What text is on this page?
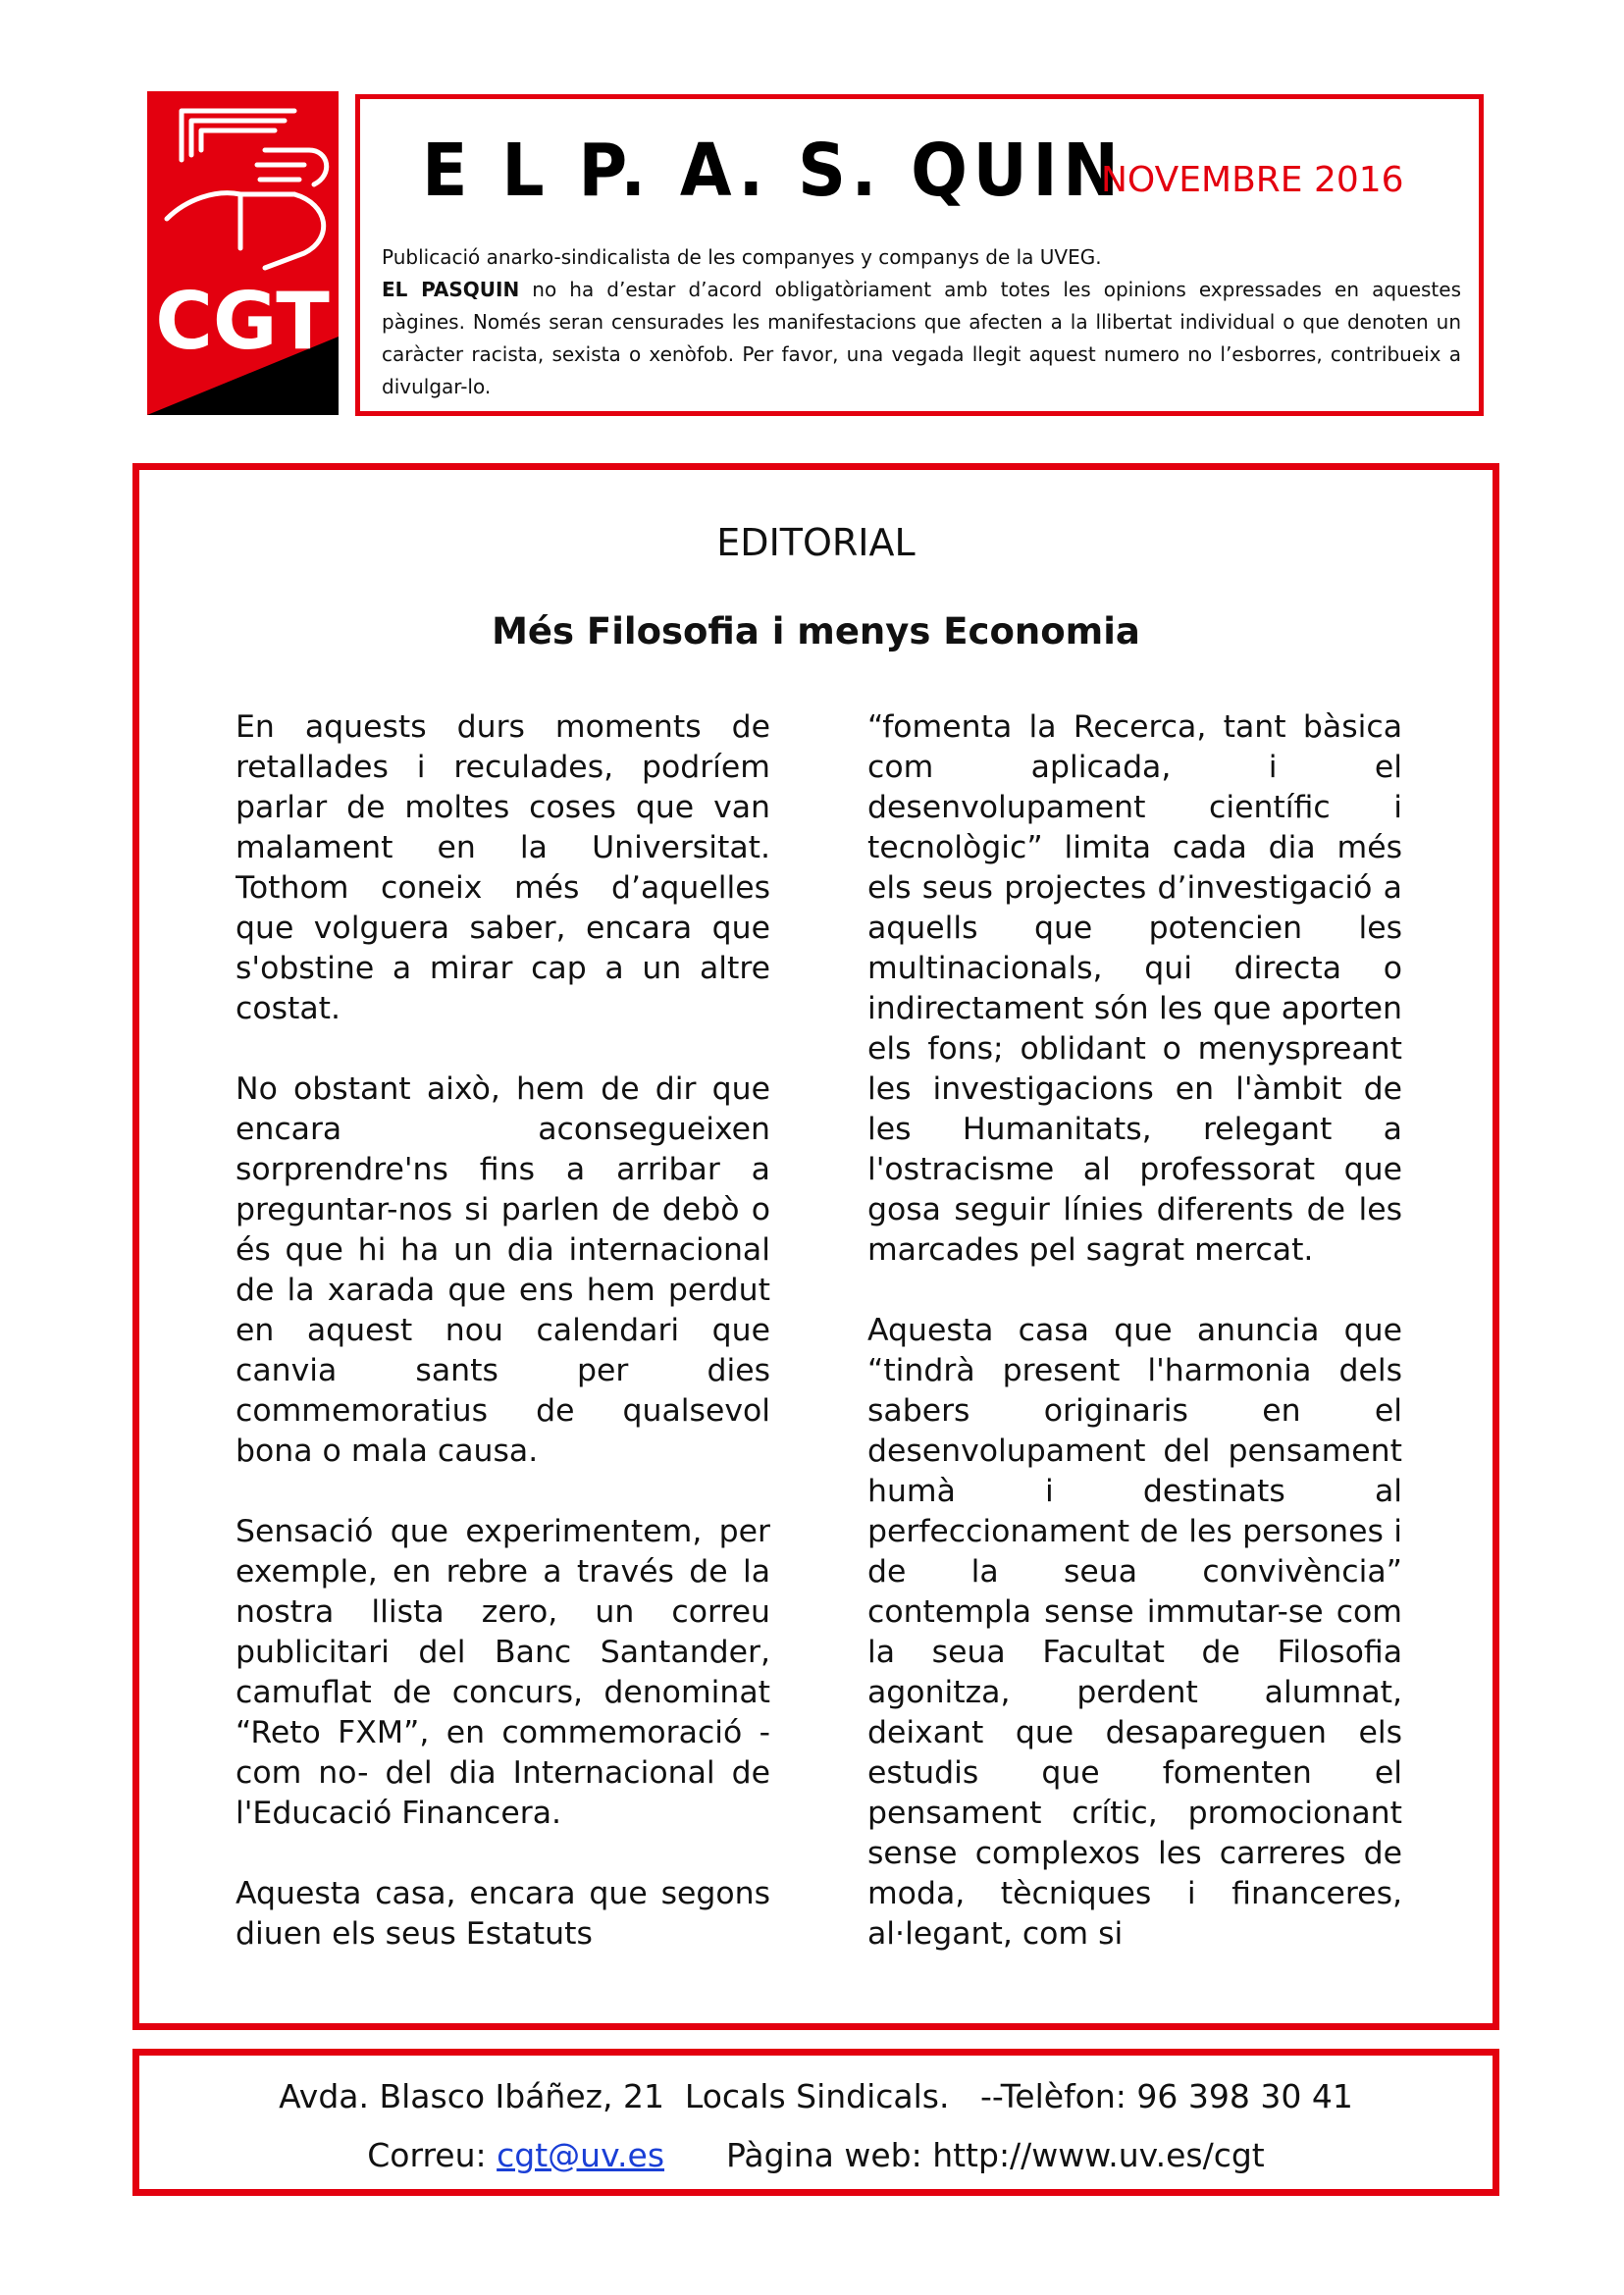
CGT
E L P. A. S. QUIN
NOVEMBRE 2016

Publicació anarko-sindicalista de les companyes y companys de la UVEG.

EL PASQUIN no ha d’estar d’acord obligatòriament amb totes les opinions expressades en aquestes pàgines. Només seran censurades les manifestacions que afecten a la llibertat individual o que denoten un caràcter racista, sexista o xenòfob. Per favor, una vegada llegit aquest numero no l’esborres, contribueix a divulgar-lo.

EDITORIAL
Més Filosofia i menys Economia

En aquests durs moments de retallades i reculades, podríem parlar de moltes coses que van malament en la Universitat. Tothom coneix més d’aquelles que volguera saber, encara que s'obstine a mirar cap a un altre costat.

No obstant això, hem de dir que encara aconsegueixen sorprendre'ns fins a arribar a preguntar-nos si parlen de debò o és que hi ha un dia internacional de la xarada que ens hem perdut en aquest nou calendari que canvia sants per dies commemoratius de qualsevol bona o mala causa.

Sensació que experimentem, per exemple, en rebre a través de la nostra llista zero, un correu publicitari del Banc Santander, camuflat de concurs, denominat “Reto FXM”, en commemoració -com no- del dia Internacional de l'Educació Financera.

Aquesta casa, encara que segons diuen els seus Estatuts

“fomenta la Recerca, tant bàsica com aplicada, i el desenvolupament científic i tecnològic” limita cada dia més els seus projectes d’investigació a aquells que potencien les multinacionals, qui directa o indirectament són les que aporten els fons; oblidant o menyspreant les investigacions en l'àmbit de les Humanitats, relegant a l'ostracisme al professorat que gosa seguir línies diferents de les marcades pel sagrat mercat.

Aquesta casa que anuncia que “tindrà present l'harmonia dels sabers originaris en el desenvolupament del pensament humà i destinats al perfeccionament de les persones i de la seua convivència” contempla sense immutar-se com la seua Facultat de Filosofia agonitza, perdent alumnat, deixant que desapareguen els estudis que fomenten el pensament crític, promocionant sense complexos les carreres de moda, tècniques i financeres, al·legant, com si

Avda. Blasco Ibáñez, 21  Locals Sindicals.   --Telèfon: 96 398 30 41
Correu: cgt@uv.es      Pàgina web: http://www.uv.es/cgt
